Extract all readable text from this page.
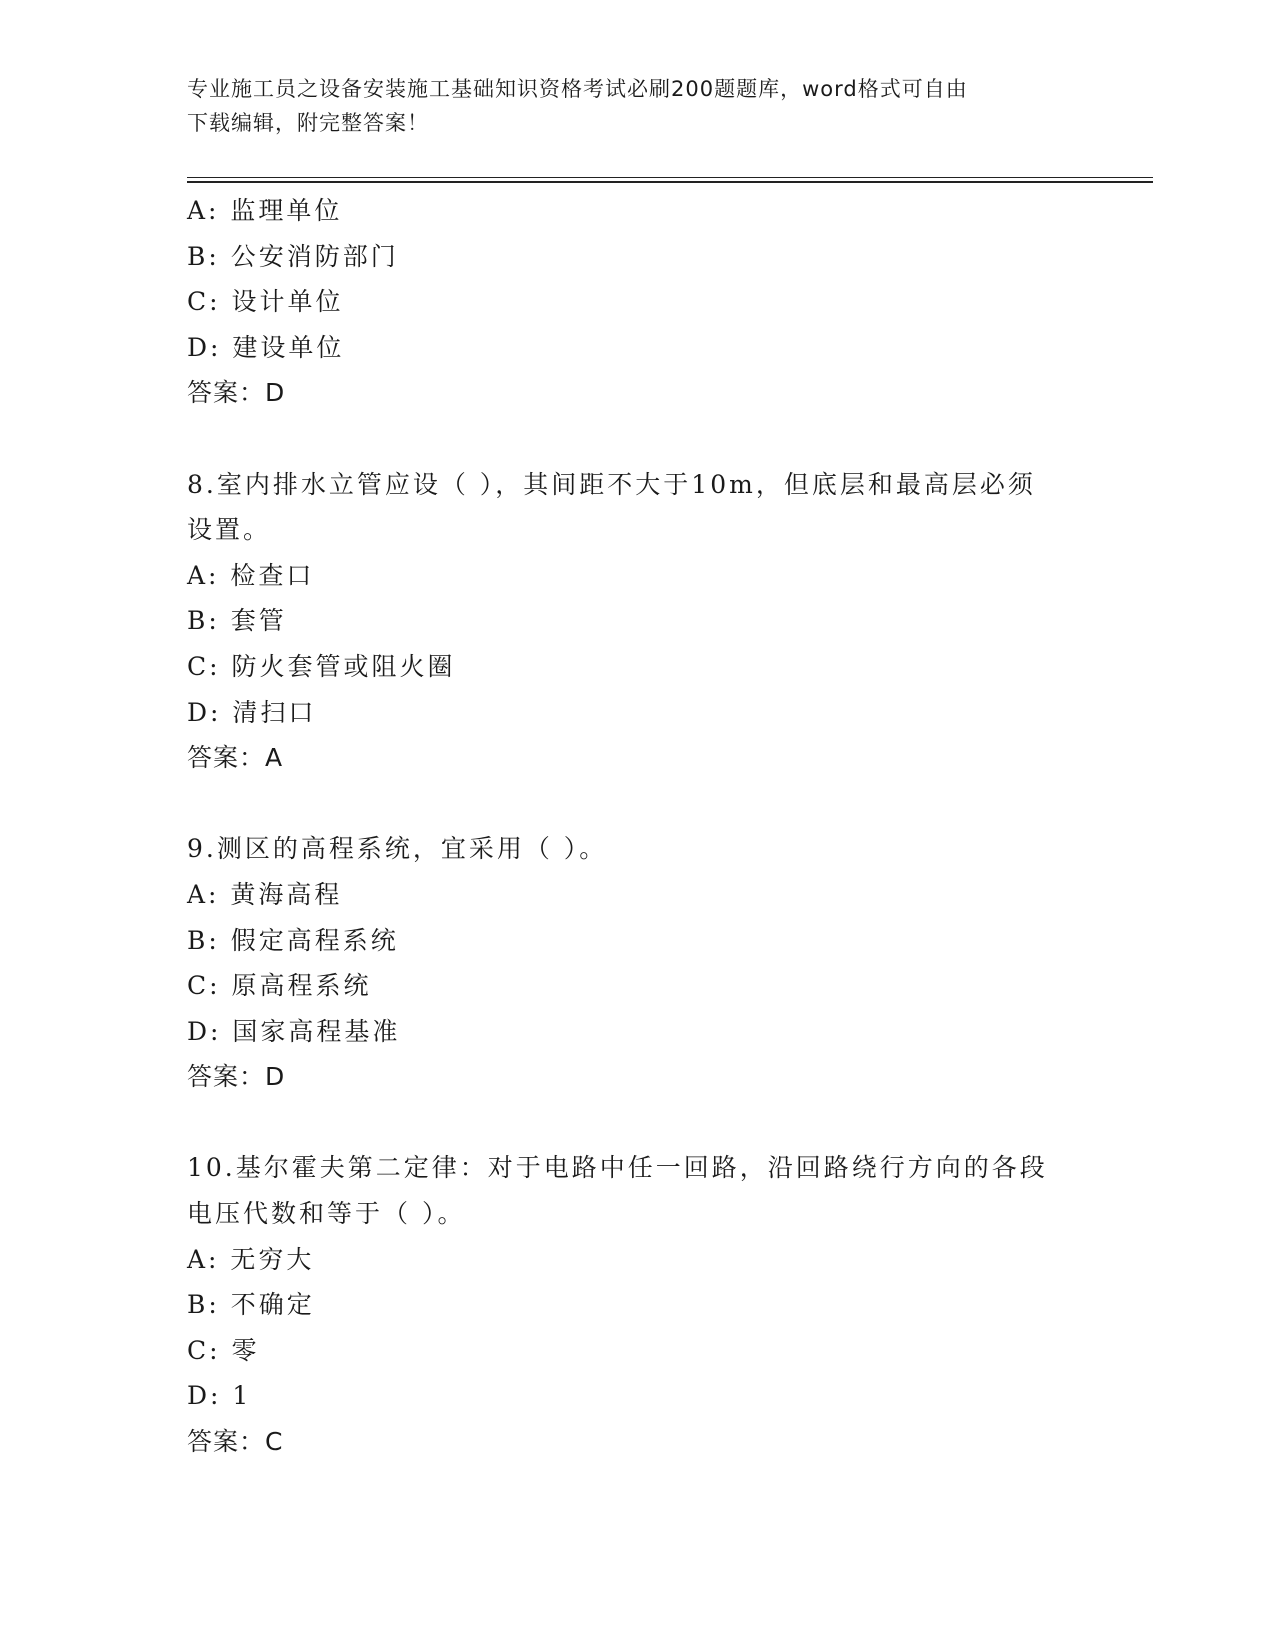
专业施工员之设备安装施工基础知识资格考试必刷200题题库，word格式可自由
下载编辑，附完整答案！
A: 监理单位
B: 公安消防部门
C: 设计单位
D: 建设单位
答案：D
8.室内排水立管应设（ ），其间距不大于10m，但底层和最高层必须
设置。
A: 检查口
B: 套管
C: 防火套管或阻火圈
D: 清扫口
答案：A
9.测区的高程系统，宜采用（ ）。
A: 黄海高程
B: 假定高程系统
C: 原高程系统
D: 国家高程基准
答案：D
10.基尔霍夫第二定律：对于电路中任一回路，沿回路绕行方向的各段
电压代数和等于（ ）。
A: 无穷大
B: 不确定
C: 零
D: 1
答案：C
